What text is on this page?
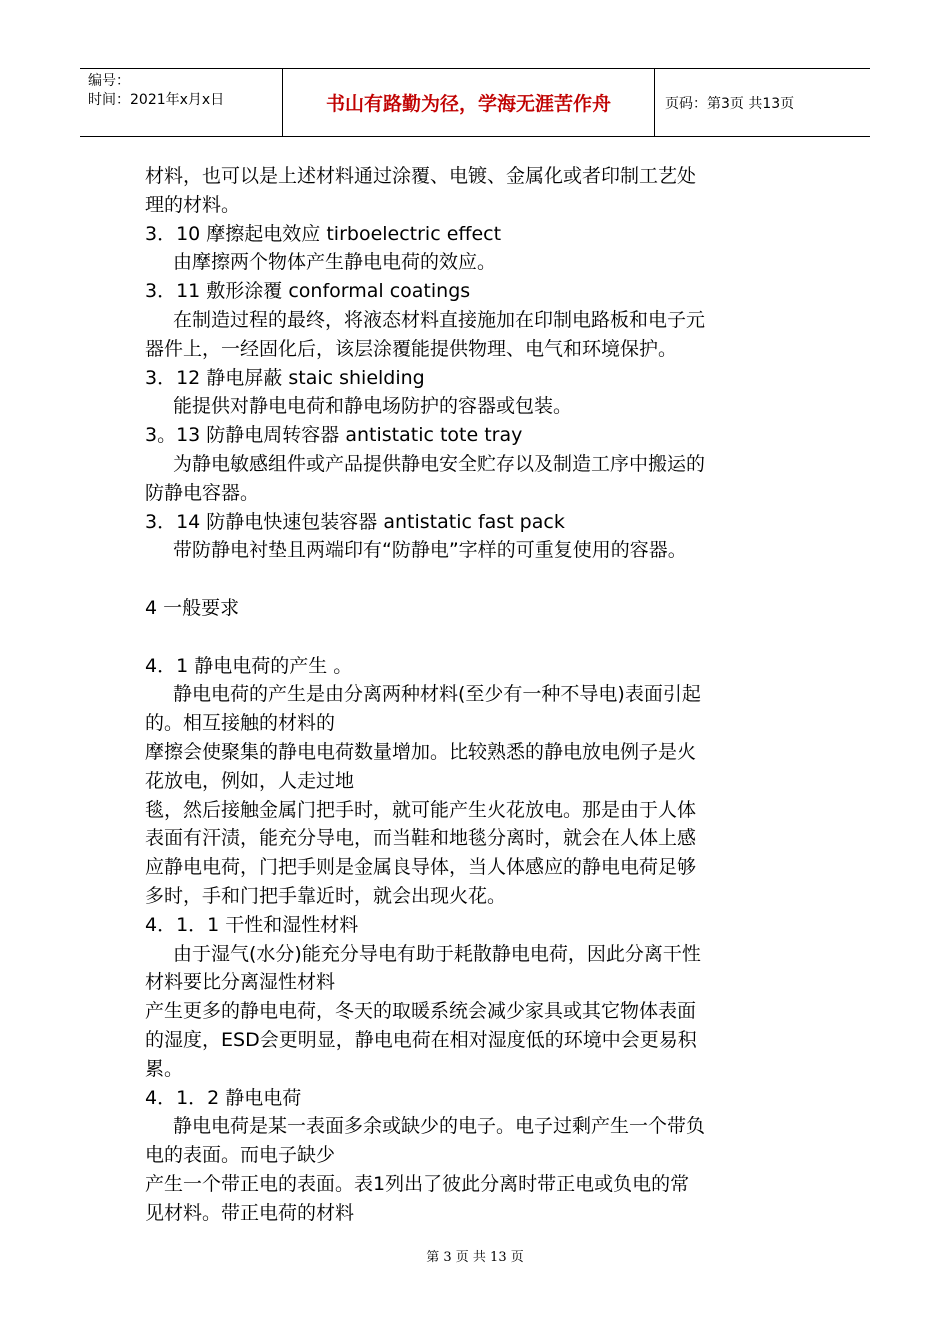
编号：
时间：2021年x月x日	书山有路勤为径，学海无涯苦作舟	页码：第3页 共13页

材料，也可以是上述材料通过涂覆、电镀、金属化或者印制工艺处

理的材料。

3．10 摩擦起电效应 tirboelectric effect

由摩擦两个物体产生静电电荷的效应。

3．11 敷形涂覆 conformal coatings

在制造过程的最终，将液态材料直接施加在印制电路板和电子元

器件上，一经固化后，该层涂覆能提供物理、电气和环境保护。

3．12 静电屏蔽 staic shielding

能提供对静电电荷和静电场防护的容器或包装。

3。13 防静电周转容器 antistatic tote tray

为静电敏感组件或产品提供静电安全贮存以及制造工序中搬运的

防静电容器。

3．14 防静电快速包装容器 antistatic fast pack

带防静电衬垫且两端印有“防静电”字样的可重复使用的容器。

4 一般要求

4．1 静电电荷的产生 。

静电电荷的产生是由分离两种材料(至少有一种不导电)表面引起

的。相互接触的材料的

摩擦会使聚集的静电电荷数量增加。比较熟悉的静电放电例子是火

花放电，例如，人走过地

毯，然后接触金属门把手时，就可能产生火花放电。那是由于人体

表面有汗渍，能充分导电，而当鞋和地毯分离时，就会在人体上感

应静电电荷，门把手则是金属良导体，当人体感应的静电电荷足够

多时，手和门把手靠近时，就会出现火花。

4．1．1 干性和湿性材料

由于湿气(水分)能充分导电有助于耗散静电电荷，因此分离干性

材料要比分离湿性材料

产生更多的静电电荷，冬天的取暖系统会减少家具或其它物体表面

的湿度，ESD会更明显，静电电荷在相对湿度低的环境中会更易积

累。

4．1．2 静电电荷

静电电荷是某一表面多余或缺少的电子。电子过剩产生一个带负

电的表面。而电子缺少

产生一个带正电的表面。表1列出了彼此分离时带正电或负电的常

见材料。带正电荷的材料

第 3 页 共 13 页
